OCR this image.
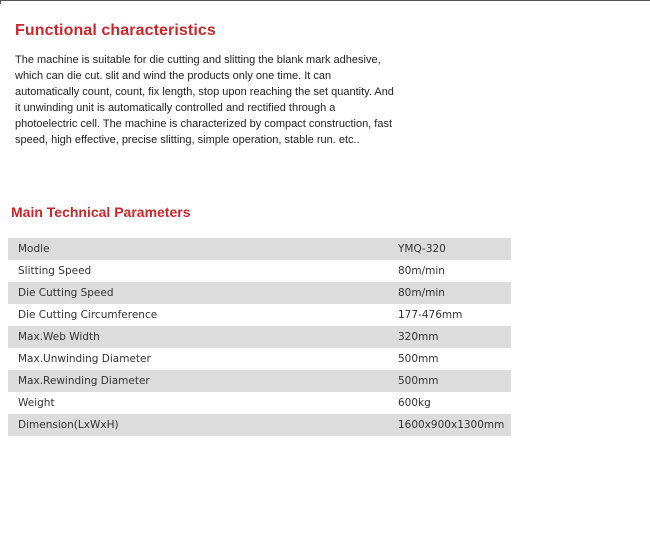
Functional characteristics

The machine is suitable for die cutting and slitting the blank mark adhesive, which can die cut. slit and wind the products only one time. It can automatically count, count, fix length, stop upon reaching the set quantity. And it unwinding unit is automatically controlled and rectified through a photoelectric cell. The machine is characterized by compact construction, fast speed, high effective, precise slitting, simple operation, stable run. etc..

Main Technical Parameters
Modle	YMQ-320
Slitting Speed	80m/min
Die Cutting Speed	80m/min
Die Cutting Circumference	177-476mm
Max.Web Width	320mm
Max.Unwinding Diameter	500mm
Max.Rewinding Diameter	500mm
Weight	600kg
Dimension(LxWxH)	1600x900x1300mm
